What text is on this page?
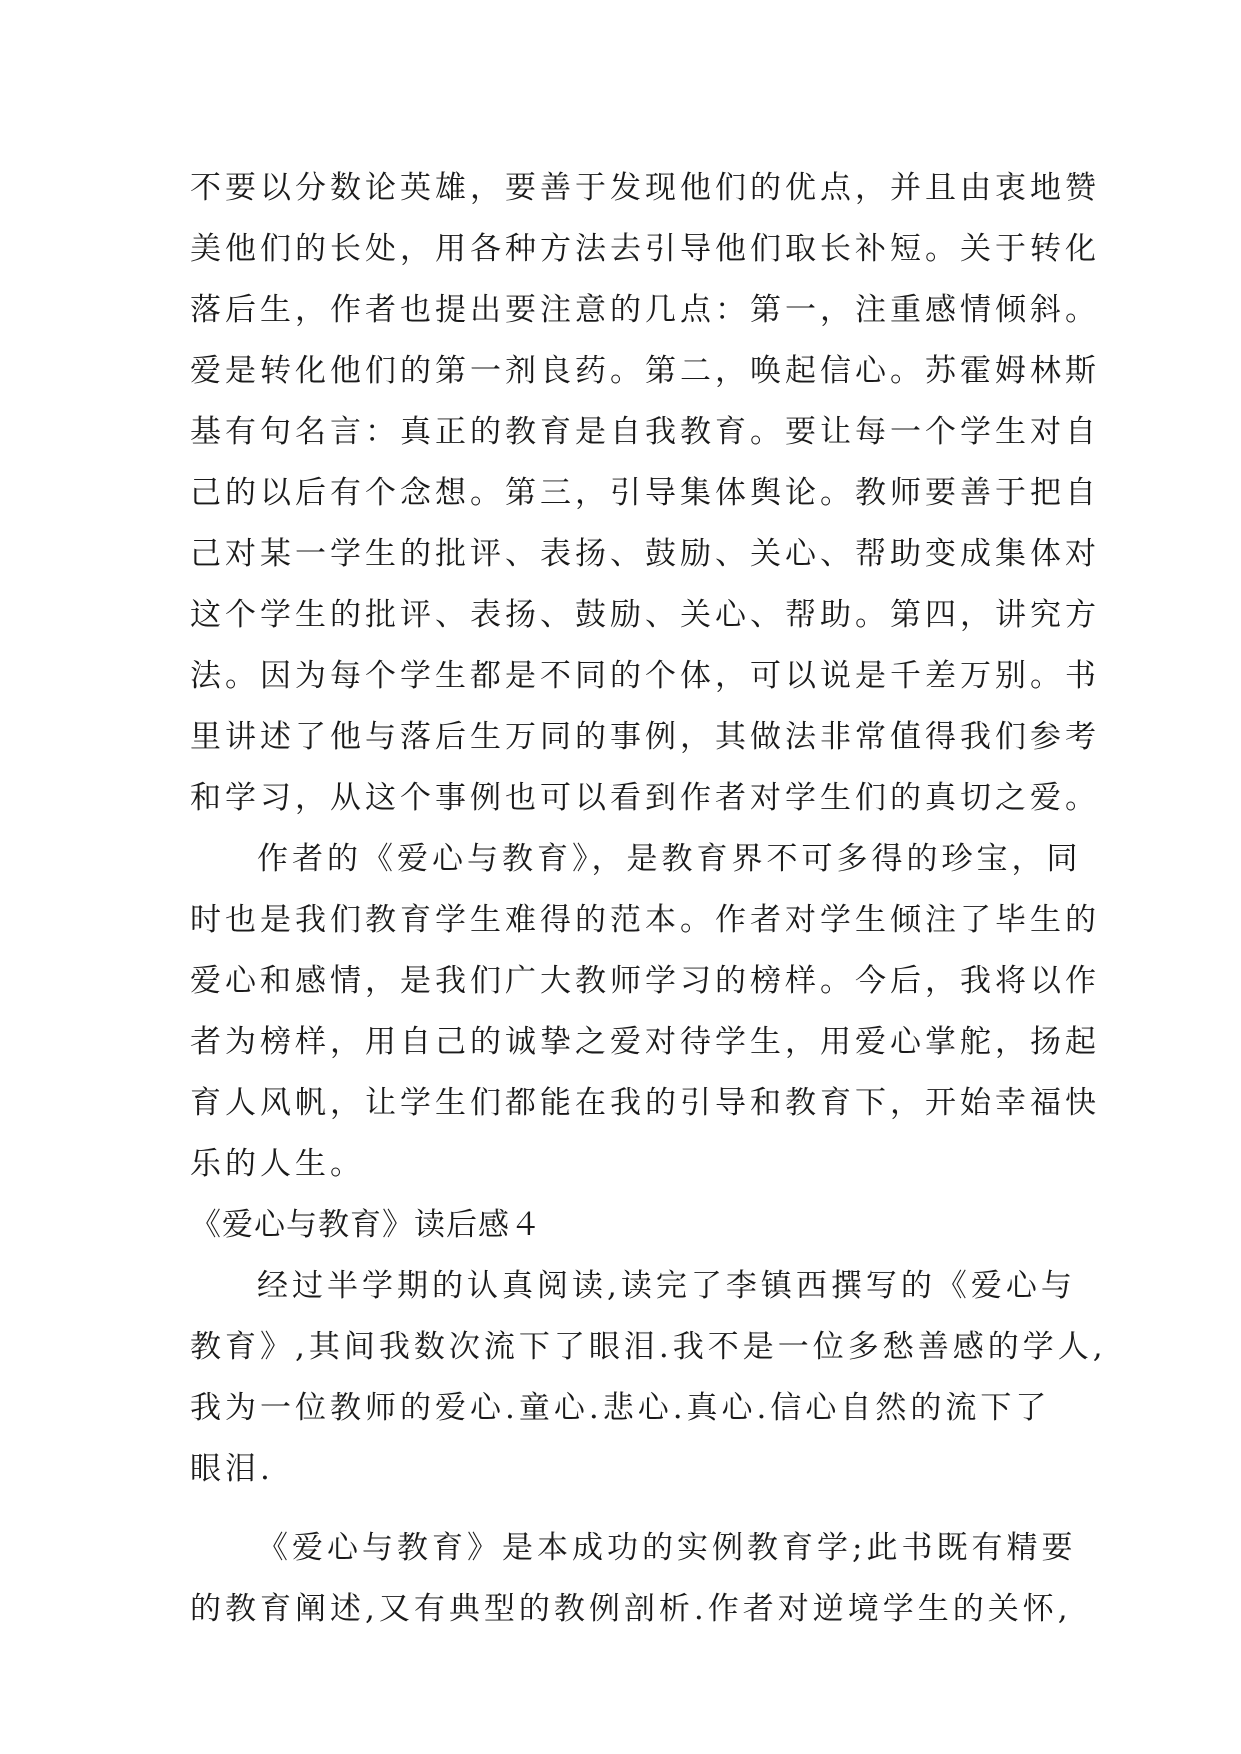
不要以分数论英雄，要善于发现他们的优点，并且由衷地赞
美他们的长处，用各种方法去引导他们取长补短。关于转化
落后生，作者也提出要注意的几点：第一，注重感情倾斜。
爱是转化他们的第一剂良药。第二，唤起信心。苏霍姆林斯
基有句名言：真正的教育是自我教育。要让每一个学生对自
己的以后有个念想。第三，引导集体舆论。教师要善于把自
己对某一学生的批评、表扬、鼓励、关心、帮助变成集体对
这个学生的批评、表扬、鼓励、关心、帮助。第四，讲究方
法。因为每个学生都是不同的个体，可以说是千差万别。书
里讲述了他与落后生万同的事例，其做法非常值得我们参考
和学习，从这个事例也可以看到作者对学生们的真切之爱。
作者的《爱心与教育》，是教育界不可多得的珍宝，同
时也是我们教育学生难得的范本。作者对学生倾注了毕生的
爱心和感情，是我们广大教师学习的榜样。今后，我将以作
者为榜样，用自己的诚挚之爱对待学生，用爱心掌舵，扬起
育人风帆，让学生们都能在我的引导和教育下，开始幸福快
乐的人生。
《爱心与教育》读后感４
经过半学期的认真阅读,读完了李镇西撰写的《爱心与
教育》,其间我数次流下了眼泪.我不是一位多愁善感的学人,
我为一位教师的爱心.童心.悲心.真心.信心自然的流下了
眼泪.
《爱心与教育》是本成功的实例教育学;此书既有精要
的教育阐述,又有典型的教例剖析.作者对逆境学生的关怀,
